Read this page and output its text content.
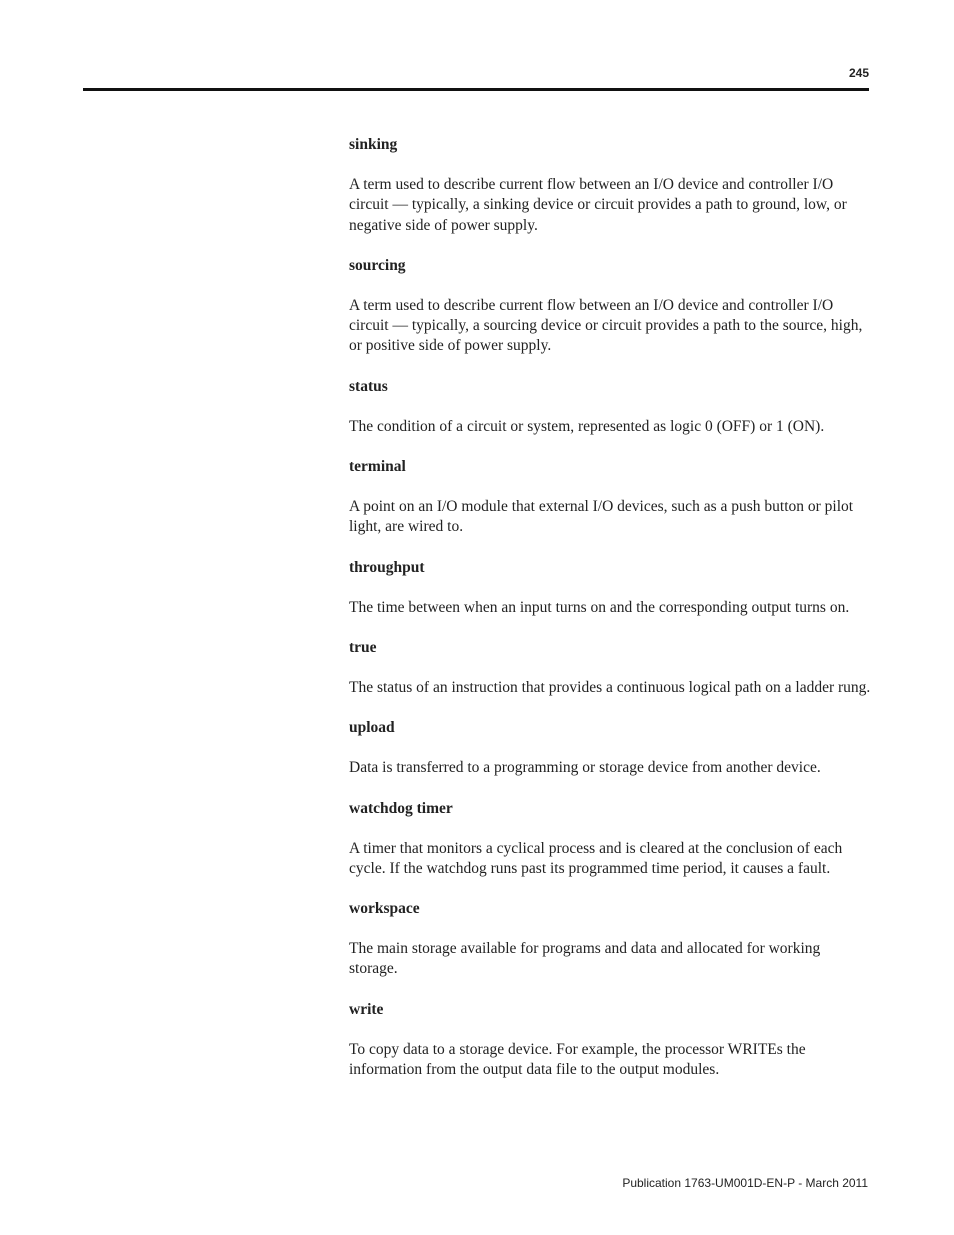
245

sinking

A term used to describe current flow between an I/O device and controller I/O circuit — typically, a sinking device or circuit provides a path to ground, low, or negative side of power supply.

sourcing

A term used to describe current flow between an I/O device and controller I/O circuit — typically, a sourcing device or circuit provides a path to the source, high, or positive side of power supply.

status

The condition of a circuit or system, represented as logic 0 (OFF) or 1 (ON).

terminal

A point on an I/O module that external I/O devices, such as a push button or pilot light, are wired to.

throughput

The time between when an input turns on and the corresponding output turns on.

true

The status of an instruction that provides a continuous logical path on a ladder rung.

upload

Data is transferred to a programming or storage device from another device.

watchdog timer

A timer that monitors a cyclical process and is cleared at the conclusion of each cycle. If the watchdog runs past its programmed time period, it causes a fault.

workspace

The main storage available for programs and data and allocated for working storage.

write

To copy data to a storage device. For example, the processor WRITEs the information from the output data file to the output modules.

Publication 1763-UM001D-EN-P - March 2011
